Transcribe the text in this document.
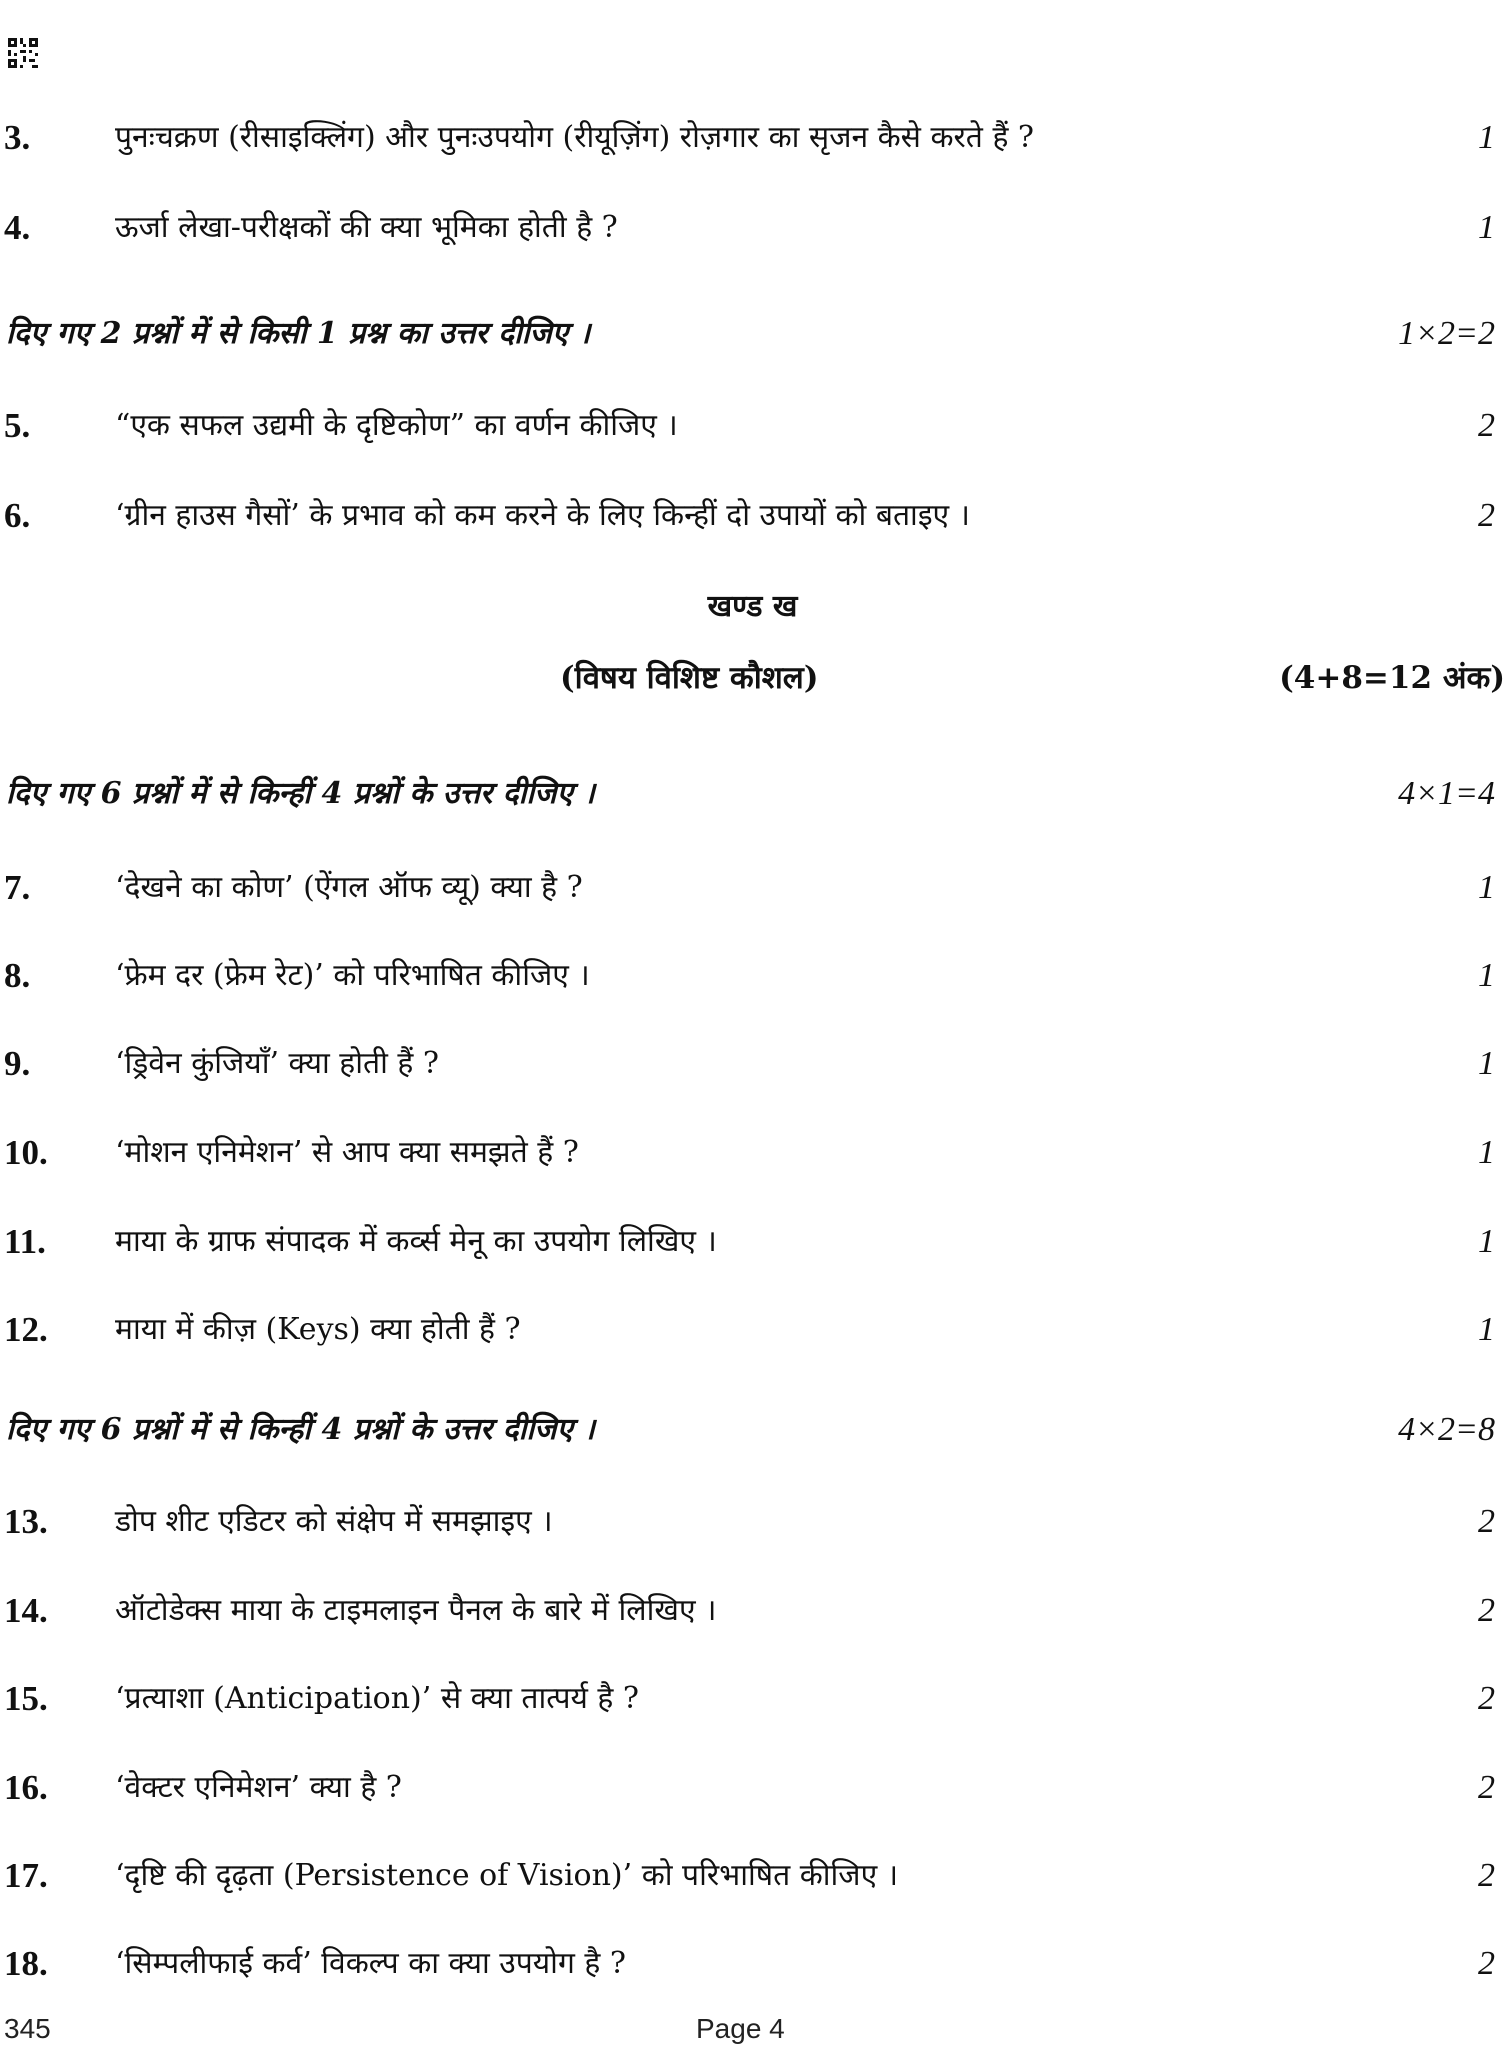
3.	पुनःचक्रण (रीसाइक्लिंग) और पुनःउपयोग (रीयूज़िंग) रोज़गार का सृजन कैसे करते हैं ?	1
4.	ऊर्जा लेखा-परीक्षकों की क्या भूमिका होती है ?	1
दिए गए 2 प्रश्नों में से किसी 1 प्रश्न का उत्तर दीजिए ।	1×2=2
5.	“एक सफल उद्यमी के दृष्टिकोण” का वर्णन कीजिए ।	2
6.	‘ग्रीन हाउस गैसों’ के प्रभाव को कम करने के लिए किन्हीं दो उपायों को बताइए ।	2
खण्ड ख
(विषय विशिष्ट कौशल)	(4+8=12 अंक)
दिए गए 6 प्रश्नों में से किन्हीं 4 प्रश्नों के उत्तर दीजिए ।	4×1=4
7.	‘देखने का कोण’ (ऐंगल ऑफ व्यू) क्या है ?	1
8.	‘फ्रेम दर (फ्रेम रेट)’ को परिभाषित कीजिए ।	1
9.	‘ड्रिवेन कुंजियाँ’ क्या होती हैं ?	1
10. ‘मोशन एनिमेशन’ से आप क्या समझते हैं ?	1
11. माया के ग्राफ संपादक में कर्व्स मेनू का उपयोग लिखिए ।	1
12. माया में कीज़ (Keys) क्या होती हैं ?	1
दिए गए 6 प्रश्नों में से किन्हीं 4 प्रश्नों के उत्तर दीजिए ।	4×2=8
13. डोप शीट एडिटर को संक्षेप में समझाइए ।	2
14. ऑटोडेक्स माया के टाइमलाइन पैनल के बारे में लिखिए ।	2
15. ‘प्रत्याशा (Anticipation)’ से क्या तात्पर्य है ?	2
16. ‘वेक्टर एनिमेशन’ क्या है ?	2
17. ‘दृष्टि की दृढ़ता (Persistence of Vision)’ को परिभाषित कीजिए ।	2
18. ‘सिम्पलीफाई कर्व’ विकल्प का क्या उपयोग है ?	2
345	Page 4
